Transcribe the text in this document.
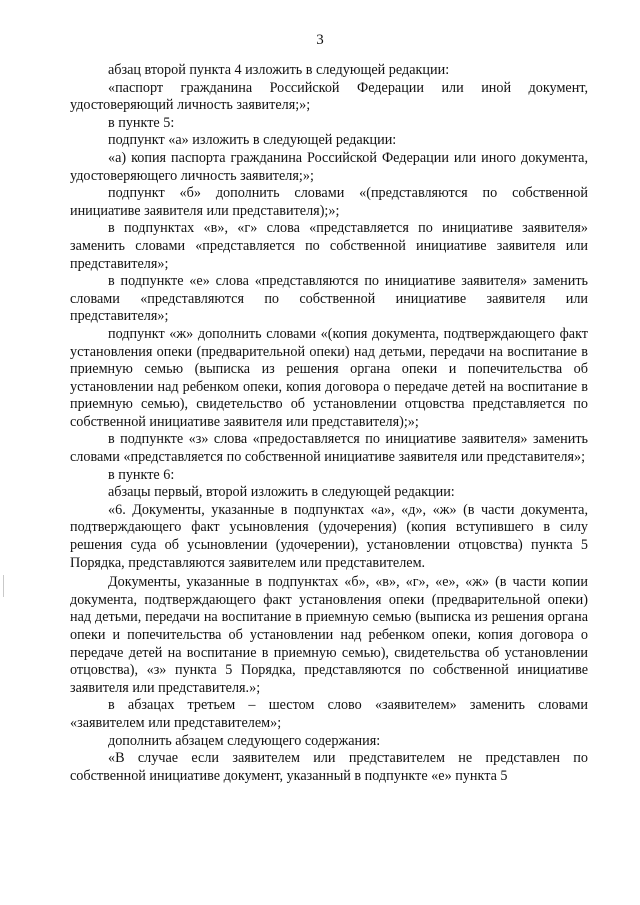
3

абзац второй пункта 4 изложить в следующей редакции:

«паспорт гражданина Российской Федерации или иной документ, удостоверяющий личность заявителя;»;

в пункте 5:

подпункт «а» изложить в следующей редакции:

«а) копия паспорта гражданина Российской Федерации или иного документа, удостоверяющего личность заявителя;»;

подпункт «б» дополнить словами «(представляются по собственной инициативе заявителя или представителя);»;

в подпунктах «в», «г» слова «представляется по инициативе заявителя» заменить словами «представляется по собственной инициативе заявителя или представителя»;

в подпункте «е» слова «представляются по инициативе заявителя» заменить словами «представляются по собственной инициативе заявителя или представителя»;

подпункт «ж» дополнить словами «(копия документа, подтверждающего факт установления опеки (предварительной опеки) над детьми, передачи на воспитание в приемную семью (выписка из решения органа опеки и попечительства об установлении над ребенком опеки, копия договора о передаче детей на воспитание в приемную семью), свидетельство об установлении отцовства представляется по собственной инициативе заявителя или представителя);»;

в подпункте «з» слова «предоставляется по инициативе заявителя» заменить словами «представляется по собственной инициативе заявителя или представителя»;

в пункте 6:

абзацы первый, второй изложить в следующей редакции:

«6. Документы, указанные в подпунктах «а», «д», «ж» (в части документа, подтверждающего факт усыновления (удочерения) (копия вступившего в силу решения суда об усыновлении (удочерении), установлении отцовства) пункта 5 Порядка, представляются заявителем или представителем.

Документы, указанные в подпунктах «б», «в», «г», «е», «ж» (в части копии документа, подтверждающего факт установления опеки (предварительной опеки) над детьми, передачи на воспитание в приемную семью (выписка из решения органа опеки и попечительства об установлении над ребенком опеки, копия договора о передаче детей на воспитание в приемную семью), свидетельства об установлении отцовства), «з» пункта 5 Порядка, представляются по собственной инициативе заявителя или представителя.»;

в абзацах третьем – шестом слово «заявителем» заменить словами «заявителем или представителем»;

дополнить абзацем следующего содержания:

«В случае если заявителем или представителем не представлен по собственной инициативе документ, указанный в подпункте «е» пункта 5
